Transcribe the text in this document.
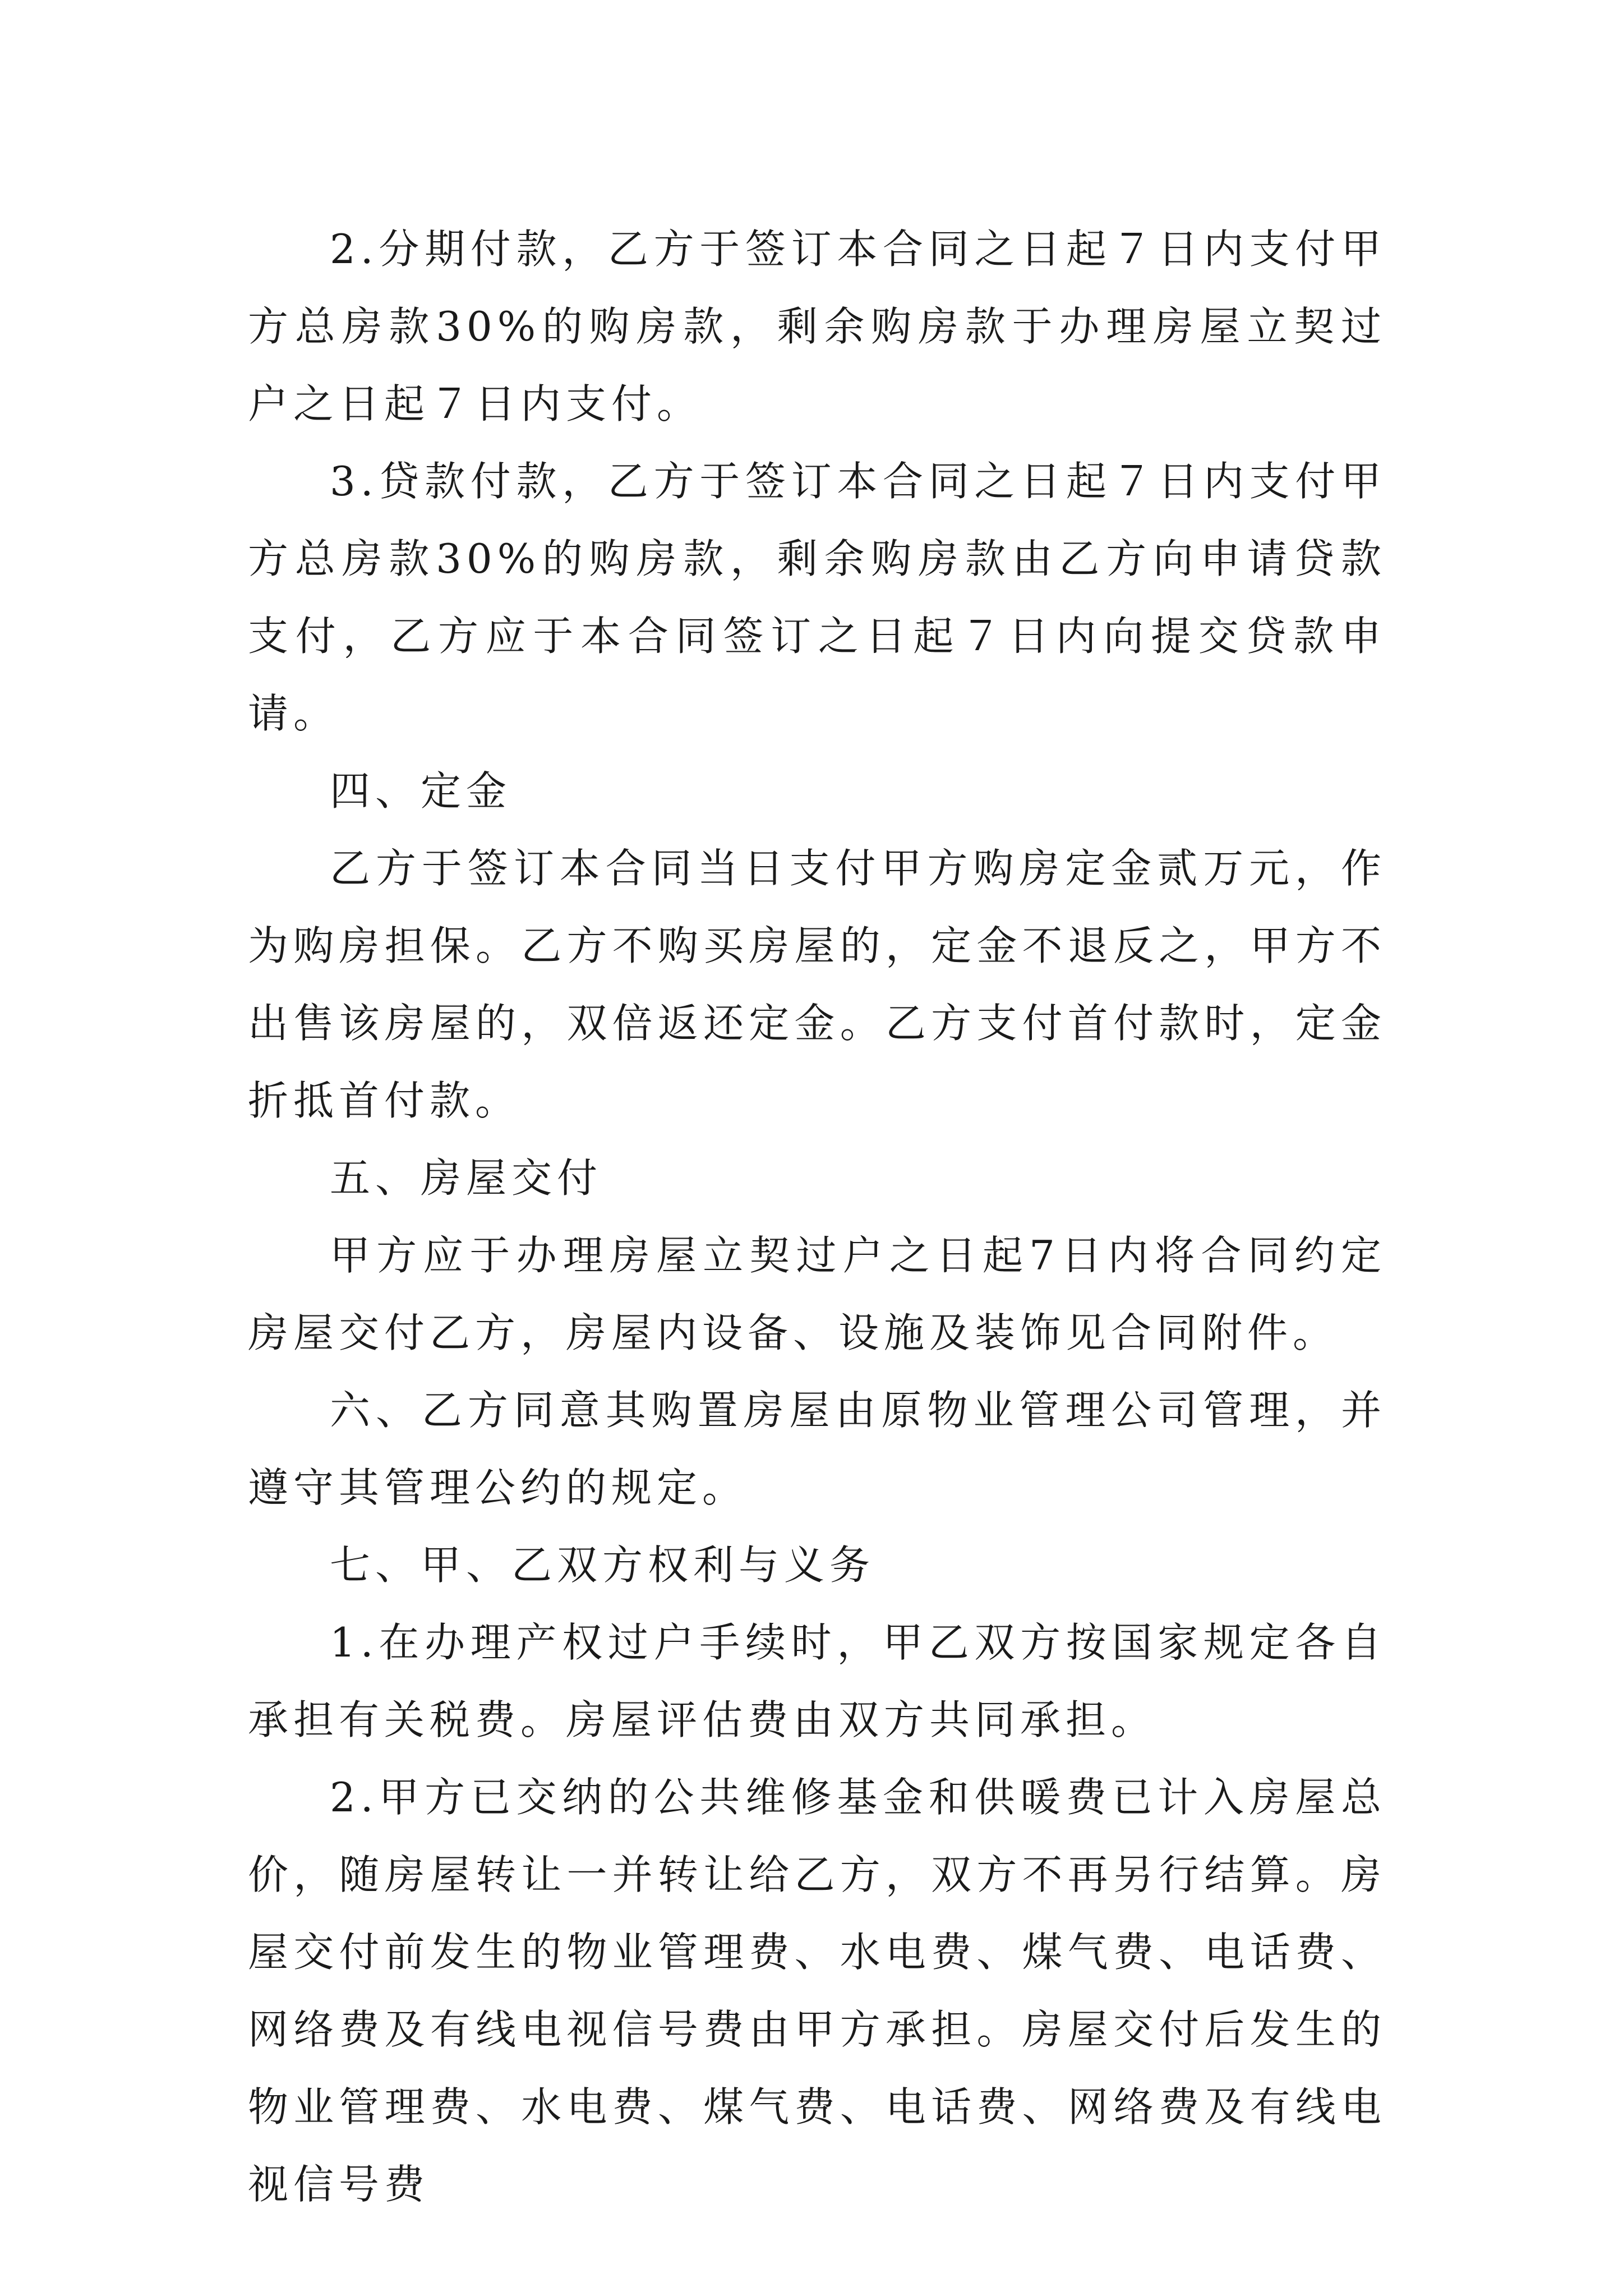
2.分期付款，乙方于签订本合同之日起７日内支付甲方总房款30%的购房款，剩余购房款于办理房屋立契过户之日起７日内支付。

3.贷款付款，乙方于签订本合同之日起７日内支付甲方总房款30%的购房款，剩余购房款由乙方向申请贷款支付，乙方应于本合同签订之日起７日内向提交贷款申请。

四、定金

乙方于签订本合同当日支付甲方购房定金贰万元，作为购房担保。乙方不购买房屋的，定金不退反之，甲方不出售该房屋的，双倍返还定金。乙方支付首付款时，定金折抵首付款。

五、房屋交付

甲方应于办理房屋立契过户之日起7日内将合同约定房屋交付乙方，房屋内设备、设施及装饰见合同附件。

六、乙方同意其购置房屋由原物业管理公司管理，并遵守其管理公约的规定。

七、甲、乙双方权利与义务

1.在办理产权过户手续时，甲乙双方按国家规定各自承担有关税费。房屋评估费由双方共同承担。

2.甲方已交纳的公共维修基金和供暖费已计入房屋总价，随房屋转让一并转让给乙方，双方不再另行结算。房屋交付前发生的物业管理费、水电费、煤气费、电话费、网络费及有线电视信号费由甲方承担。房屋交付后发生的物业管理费、水电费、煤气费、电话费、网络费及有线电视信号费
